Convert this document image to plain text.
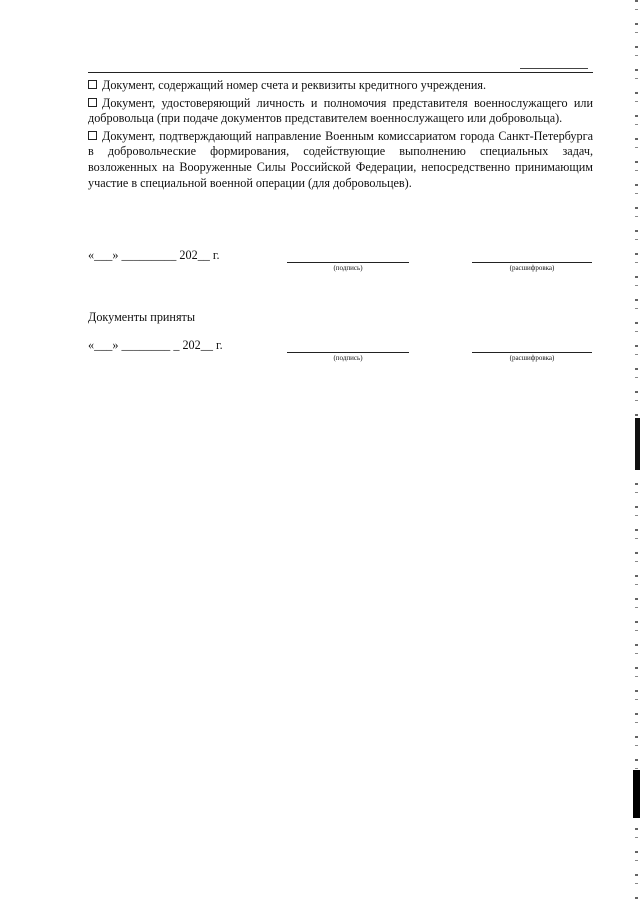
Документ, содержащий номер счета и реквизиты кредитного учреждения.

Документ, удостоверяющий личность и полномочия представителя военнослужащего или добровольца (при подаче документов представителем военнослужащего или добровольца).

Документ, подтверждающий направление Военным комиссариатом города Санкт-Петербурга в добровольческие формирования, содействующие выполнению специальных задач, возложенных на Вооруженные Силы Российской Федерации, непосредственно принимающим участие в специальной военной операции (для добровольцев).

«___» _________ 202__ г.
(подпись)	(расшифровка)
Документы приняты
«___» ________ _ 202__ г.
(подпись)	(расшифровка)
